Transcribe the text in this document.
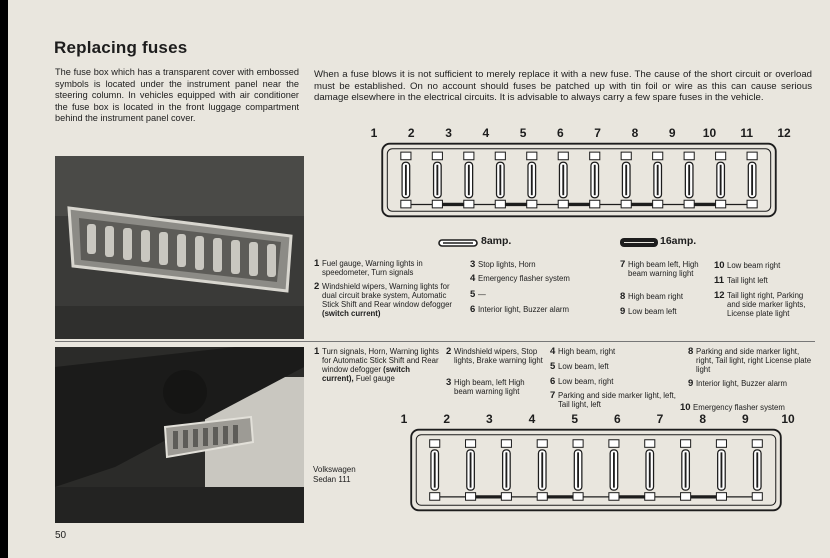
Replacing fuses
The fuse box which has a transparent cover with embossed symbols is located under the instrument panel near the steering column. In vehicles equipped with air conditioner the fuse box is located in the front luggage compartment behind the instrument panel cover.
When a fuse blows it is not sufficient to merely replace it with a new fuse. The cause of the short circuit or overload must be established. On no account should fuses be patched up with tin foil or wire as this can cause serious damage elsewhere in the electrical circuits. It is advisable to always carry a few spare fuses in the vehicle.
1	2	3	4	5	6	7	8	9 10 11 12
8amp.	16amp.
1 Fuel gauge, Warning lights in speedometer, Turn signals
2 Windshield wipers, Warning lights for dual circuit brake system, Automatic Stick Shift and Rear window defogger (switch current)
3 Stop lights, Horn
4 Emergency flasher system
5 —
6 Interior light, Buzzer alarm
7 High beam left, High beam warning light
8 High beam right
9 Low beam left
10 Low beam right
11 Tail light left
12 Tail light right, Parking and side marker lights, License plate light
1 Turn signals, Horn, Warning lights for Automatic Stick Shift and Rear window defogger (switch current), Fuel gauge
2 Windshield wipers, Stop lights, Brake warning light
3 High beam, left High beam warning light
4 High beam, right
5 Low beam, left
6 Low beam, right
7 Parking and side marker light, left, Tail light, left
8 Parking and side marker light, right, Tail light, right License plate light
9 Interior light, Buzzer alarm
10 Emergency flasher system
1	2	3	4	5	6	7	8	9	10
Volkswagen Sedan 111
50
